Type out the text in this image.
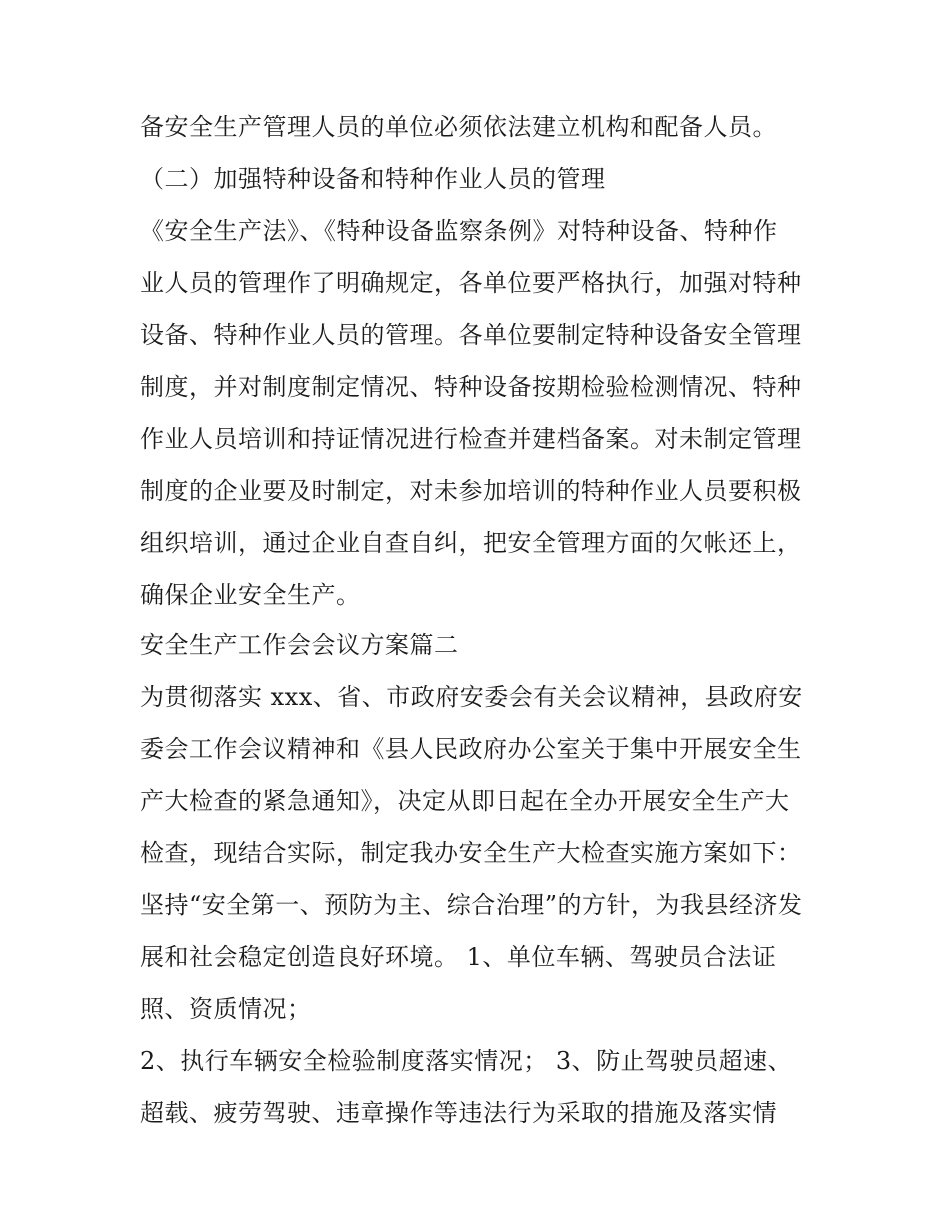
备安全生产管理人员的单位必须依法建立机构和配备人员。
（二）加强特种设备和特种作业人员的管理
《安全生产法》、《特种设备监察条例》对特种设备、特种作
业人员的管理作了明确规定，各单位要严格执行，加强对特种
设备、特种作业人员的管理。各单位要制定特种设备安全管理
制度，并对制度制定情况、特种设备按期检验检测情况、特种
作业人员培训和持证情况进行检查并建档备案。对未制定管理
制度的企业要及时制定，对未参加培训的特种作业人员要积极
组织培训，通过企业自查自纠，把安全管理方面的欠帐还上，
确保企业安全生产。
安全生产工作会会议方案篇二
为贯彻落实 xxx、省、市政府安委会有关会议精神，县政府安
委会工作会议精神和《县人民政府办公室关于集中开展安全生
产大检查的紧急通知》，决定从即日起在全办开展安全生产大
检查，现结合实际，制定我办安全生产大检查实施方案如下：
坚持“安全第一、预防为主、综合治理”的方针，为我县经济发
展和社会稳定创造良好环境。 1、单位车辆、驾驶员合法证
照、资质情况；
2、执行车辆安全检验制度落实情况； 3、防止驾驶员超速、
超载、疲劳驾驶、违章操作等违法行为采取的措施及落实情
